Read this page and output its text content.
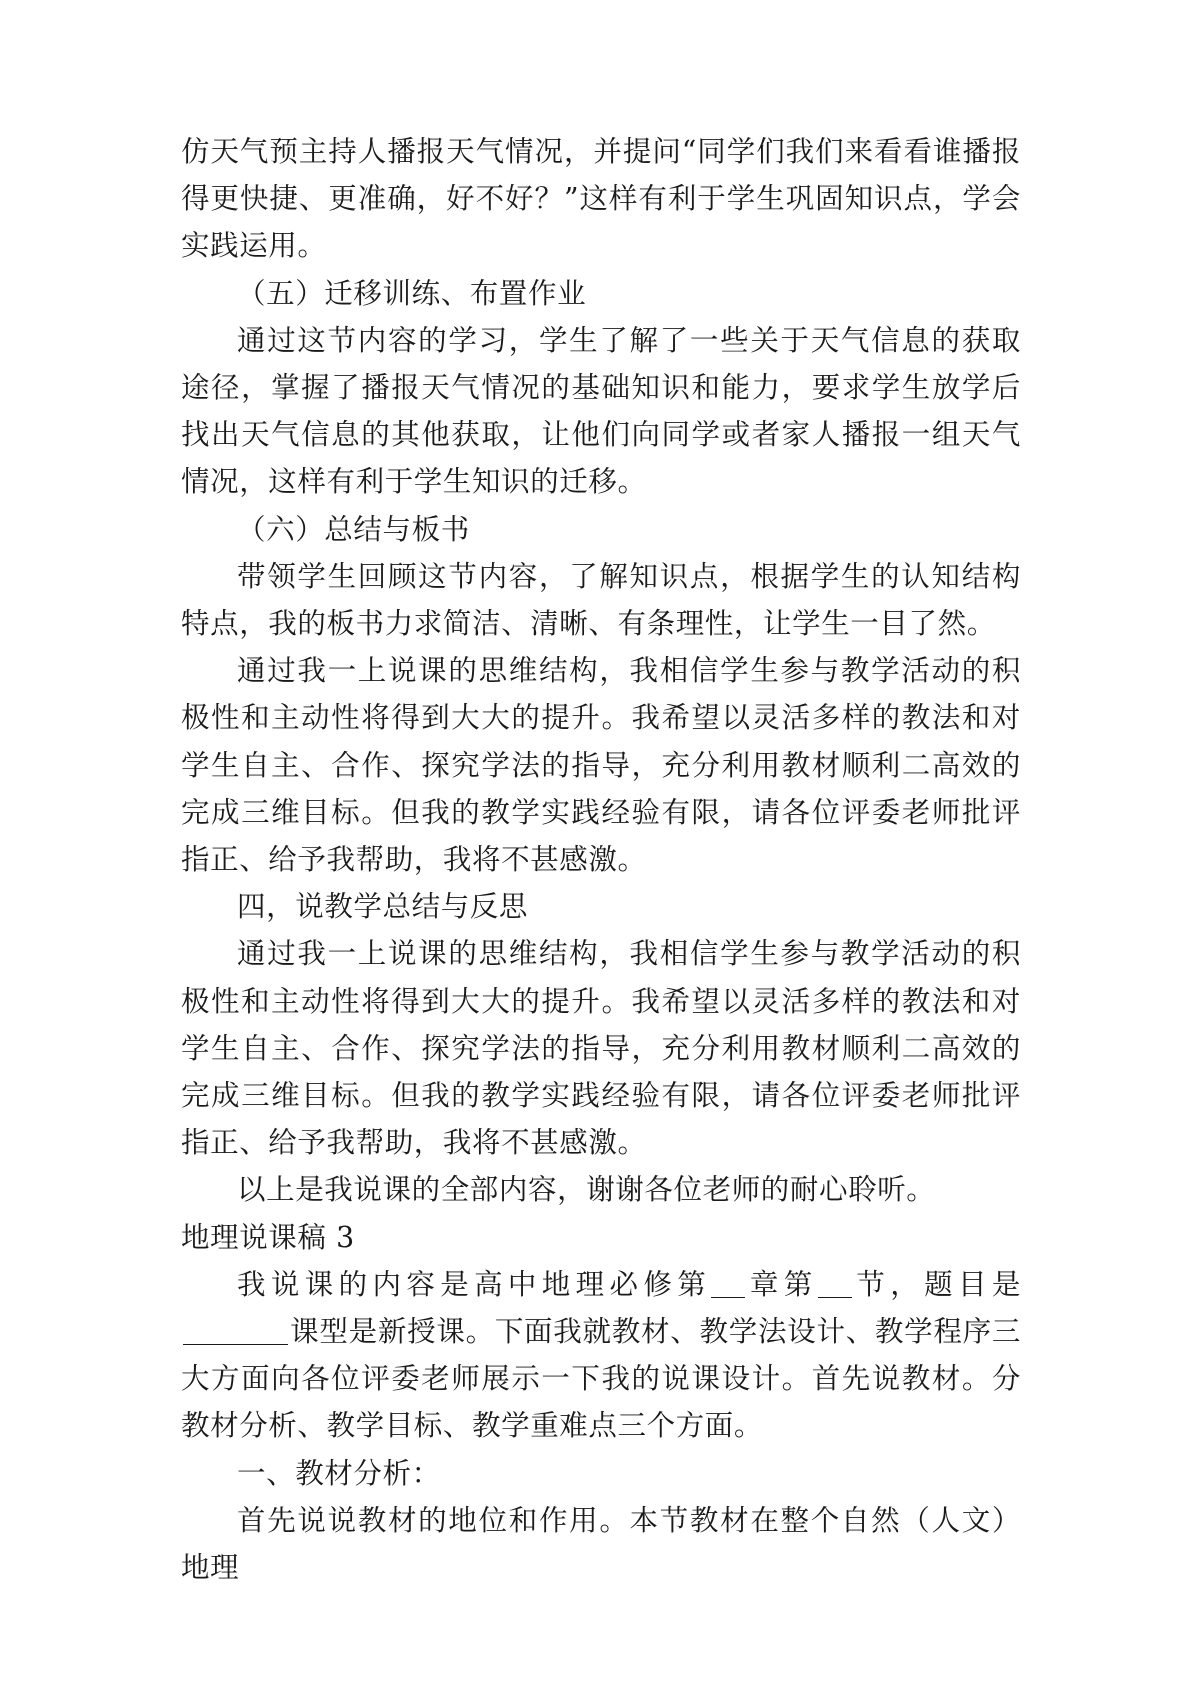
仿天气预主持人播报天气情况，并提问“同学们我们来看看谁播报得更快捷、更准确，好不好？”这样有利于学生巩固知识点，学会实践运用。

（五）迁移训练、布置作业

通过这节内容的学习，学生了解了一些关于天气信息的获取途径，掌握了播报天气情况的基础知识和能力，要求学生放学后找出天气信息的其他获取，让他们向同学或者家人播报一组天气情况，这样有利于学生知识的迁移。

（六）总结与板书

带领学生回顾这节内容，了解知识点，根据学生的认知结构特点，我的板书力求简洁、清晰、有条理性，让学生一目了然。

通过我一上说课的思维结构，我相信学生参与教学活动的积极性和主动性将得到大大的提升。我希望以灵活多样的教法和对学生自主、合作、探究学法的指导，充分利用教材顺利二高效的完成三维目标。但我的教学实践经验有限，请各位评委老师批评指正、给予我帮助，我将不甚感激。

四，说教学总结与反思

通过我一上说课的思维结构，我相信学生参与教学活动的积极性和主动性将得到大大的提升。我希望以灵活多样的教法和对学生自主、合作、探究学法的指导，充分利用教材顺利二高效的完成三维目标。但我的教学实践经验有限，请各位评委老师批评指正、给予我帮助，我将不甚感激。

以上是我说课的全部内容，谢谢各位老师的耐心聆听。

地理说课稿 3

我说课的内容是高中地理必修第 章第 节，题目是课型是新授课。下面我就教材、教学法设计、教学程序三大方面向各位评委老师展示一下我的说课设计。首先说教材。分教材分析、教学目标、教学重难点三个方面。

一、教材分析：

首先说说教材的地位和作用。本节教材在整个自然（人文）地理
